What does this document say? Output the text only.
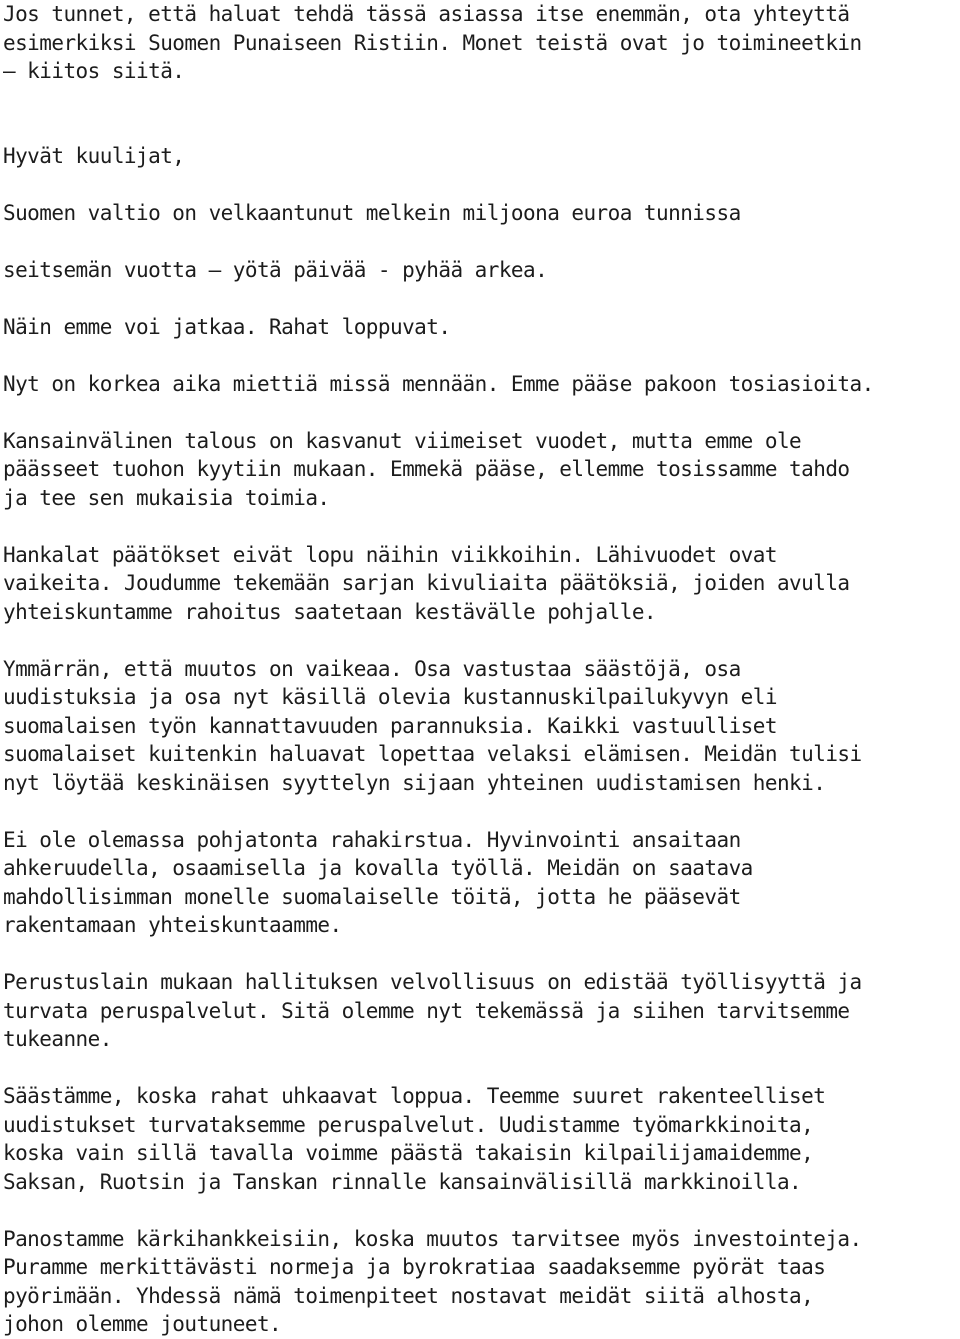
Jos tunnet, että haluat tehdä tässä asiassa itse enemmän, ota yhteyttä
esimerkiksi Suomen Punaiseen Ristiin. Monet teistä ovat jo toimineetkin
– kiitos siitä.

Hyvät kuulijat,

Suomen valtio on velkaantunut melkein miljoona euroa tunnissa

seitsemän vuotta – yötä päivää - pyhää arkea.

Näin emme voi jatkaa. Rahat loppuvat.

Nyt on korkea aika miettiä missä mennään. Emme pääse pakoon tosiasioita.

Kansainvälinen talous on kasvanut viimeiset vuodet, mutta emme ole
päässeet tuohon kyytiin mukaan. Emmekä pääse, ellemme tosissamme tahdo
ja tee sen mukaisia toimia.

Hankalat päätökset eivät lopu näihin viikkoihin. Lähivuodet ovat
vaikeita. Joudumme tekemään sarjan kivuliaita päätöksiä, joiden avulla
yhteiskuntamme rahoitus saatetaan kestävälle pohjalle.

Ymmärrän, että muutos on vaikeaa. Osa vastustaa säästöjä, osa
uudistuksia ja osa nyt käsillä olevia kustannuskilpailukyvyn eli
suomalaisen työn kannattavuuden parannuksia. Kaikki vastuulliset
suomalaiset kuitenkin haluavat lopettaa velaksi elämisen. Meidän tulisi
nyt löytää keskinäisen syyttelyn sijaan yhteinen uudistamisen henki.

Ei ole olemassa pohjatonta rahakirstua. Hyvinvointi ansaitaan
ahkeruudella, osaamisella ja kovalla työllä. Meidän on saatava
mahdollisimman monelle suomalaiselle töitä, jotta he pääsevät
rakentamaan yhteiskuntaamme.

Perustuslain mukaan hallituksen velvollisuus on edistää työllisyyttä ja
turvata peruspalvelut. Sitä olemme nyt tekemässä ja siihen tarvitsemme
tukeanne.

Säästämme, koska rahat uhkaavat loppua. Teemme suuret rakenteelliset
uudistukset turvataksemme peruspalvelut. Uudistamme työmarkkinoita,
koska vain sillä tavalla voimme päästä takaisin kilpailijamaidemme,
Saksan, Ruotsin ja Tanskan rinnalle kansainvälisillä markkinoilla.

Panostamme kärkihankkeisiin, koska muutos tarvitsee myös investointeja.
Puramme merkittävästi normeja ja byrokratiaa saadaksemme pyörät taas
pyörimään. Yhdessä nämä toimenpiteet nostavat meidät siitä alhosta,
johon olemme joutuneet.
